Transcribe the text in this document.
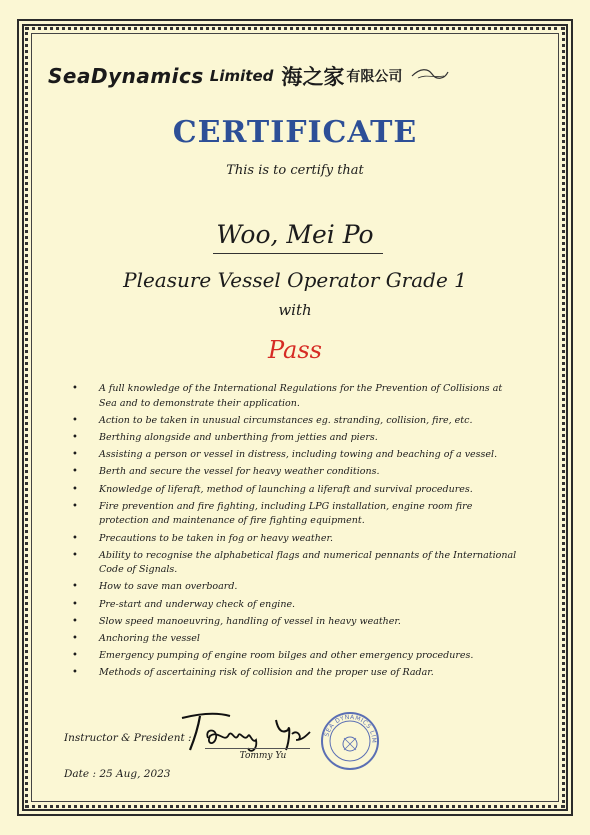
SeaDynamics Limited 海之家 有限公司
CERTIFICATE
This is to certify that
Woo, Mei Po
Pleasure Vessel Operator Grade 1
with
Pass
• A full knowledge of the International Regulations for the Prevention of Collisions at Sea and to demonstrate their application.
• Action to be taken in unusual circumstances eg. stranding, collision, fire, etc.
• Berthing alongside and unberthing from jetties and piers.
• Assisting a person or vessel in distress, including towing and beaching of a vessel.
• Berth and secure the vessel for heavy weather conditions.
• Knowledge of liferaft, method of launching a liferaft and survival procedures.
• Fire prevention and fire fighting, including LPG installation, engine room fire protection and maintenance of fire fighting equipment.
• Precautions to be taken in fog or heavy weather.
• Ability to recognise the alphabetical flags and numerical pennants of the International Code of Signals.
• How to save man overboard.
• Pre-start and underway check of engine.
• Slow speed manoeuvring, handling of vessel in heavy weather.
• Anchoring the vessel
• Emergency pumping of engine room bilges and other emergency procedures.
• Methods of ascertaining risk of collision and the proper use of Radar.
Instructor & President :
Tommy Yu
SEA DYNAMICS LIM
Date : 25 Aug, 2023
